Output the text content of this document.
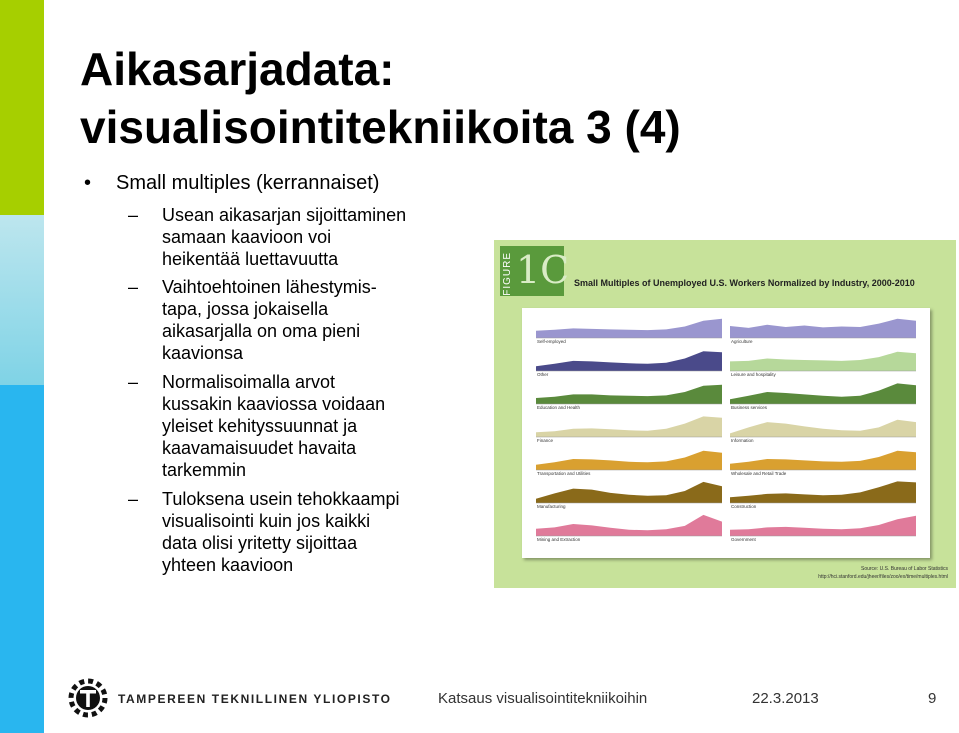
Aikasarjadata:
visualisointitekniikoita 3 (4)
• Small multiples (kerrannaiset)
– Usean aikasarjan sijoittaminen
samaan kaavioon voi
heikentää luettavuutta
– Vaihtoehtoinen lähestymis-
tapa, jossa jokaisella
aikasarjalla on oma pieni
kaavionsa
– Normalisoimalla arvot
kussakin kaaviossa voidaan
yleiset kehityssuunnat ja
kaavamaisuudet havaita
tarkemmin
– Tuloksena usein tehokkaampi
visualisointi kuin jos kaikki
data olisi yritetty sijoittaa
yhteen kaavioon
FIGURE 1C Small Multiples of Unemployed U.S. Workers Normalized by Industry, 2000-2010
Self-employed	Agriculture
Other	Leisure and hospitality
Education and Health	Business services
Finance	Information
Transportation and Utilities	Wholesale and Retail Trade
Manufacturing	Construction
Mining and Extraction	Government
Source: U.S. Bureau of Labor Statistics
http://hci.stanford.edu/jheer/files/zoo/ex/time/multiples.html
TAMPEREEN TEKNILLINEN YLIOPISTO	Katsaus visualisointitekniikoihin	22.3.2013	9
